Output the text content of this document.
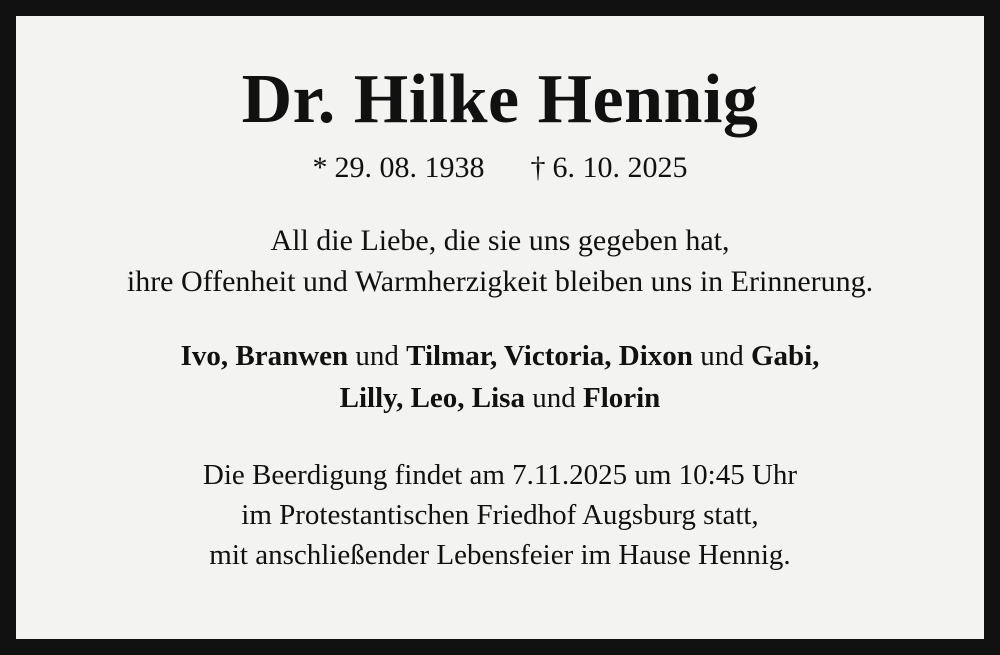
Dr. Hilke Hennig
* 29. 08. 1938 † 6. 10. 2025
All die Liebe, die sie uns gegeben hat,
ihre Offenheit und Warmherzigkeit bleiben uns in Erinnerung.
Ivo, Branwen und Tilmar, Victoria, Dixon und Gabi,
Lilly, Leo, Lisa und Florin
Die Beerdigung findet am 7.11.2025 um 10:45 Uhr
im Protestantischen Friedhof Augsburg statt,
mit anschließender Lebensfeier im Hause Hennig.
